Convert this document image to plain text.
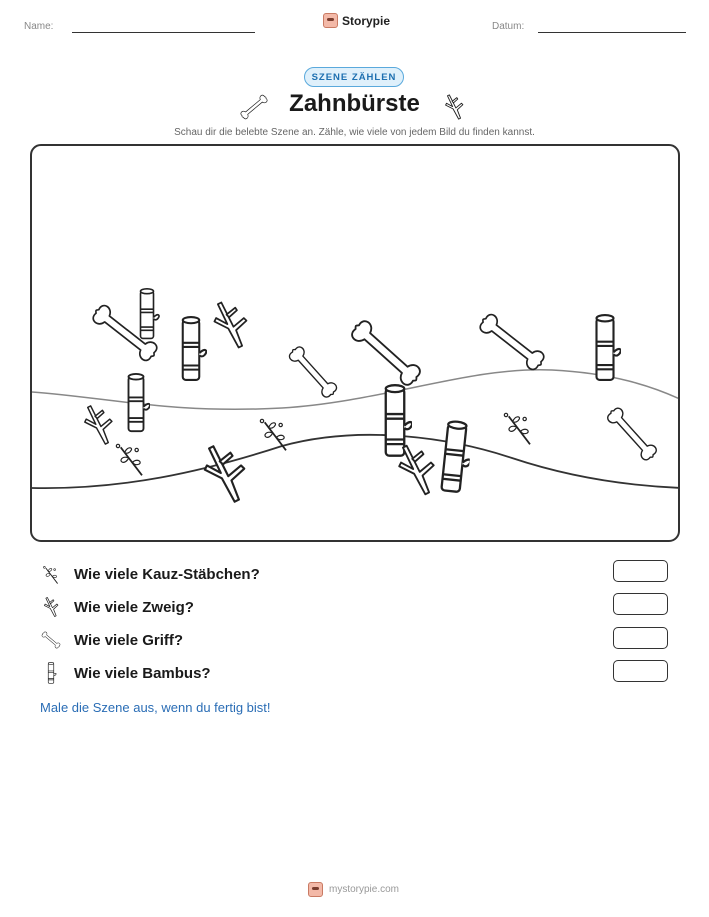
Name:	Storypie	Datum:
SZENE ZÄHLEN
Zahnbürste
Schau dir die belebte Szene an. Zähle, wie viele von jedem Bild du finden kannst.
Wie viele Kauz-Stäbchen?
Wie viele Zweig?
Wie viele Griff?
Wie viele Bambus?
Male die Szene aus, wenn du fertig bist!
mystorypie.com
